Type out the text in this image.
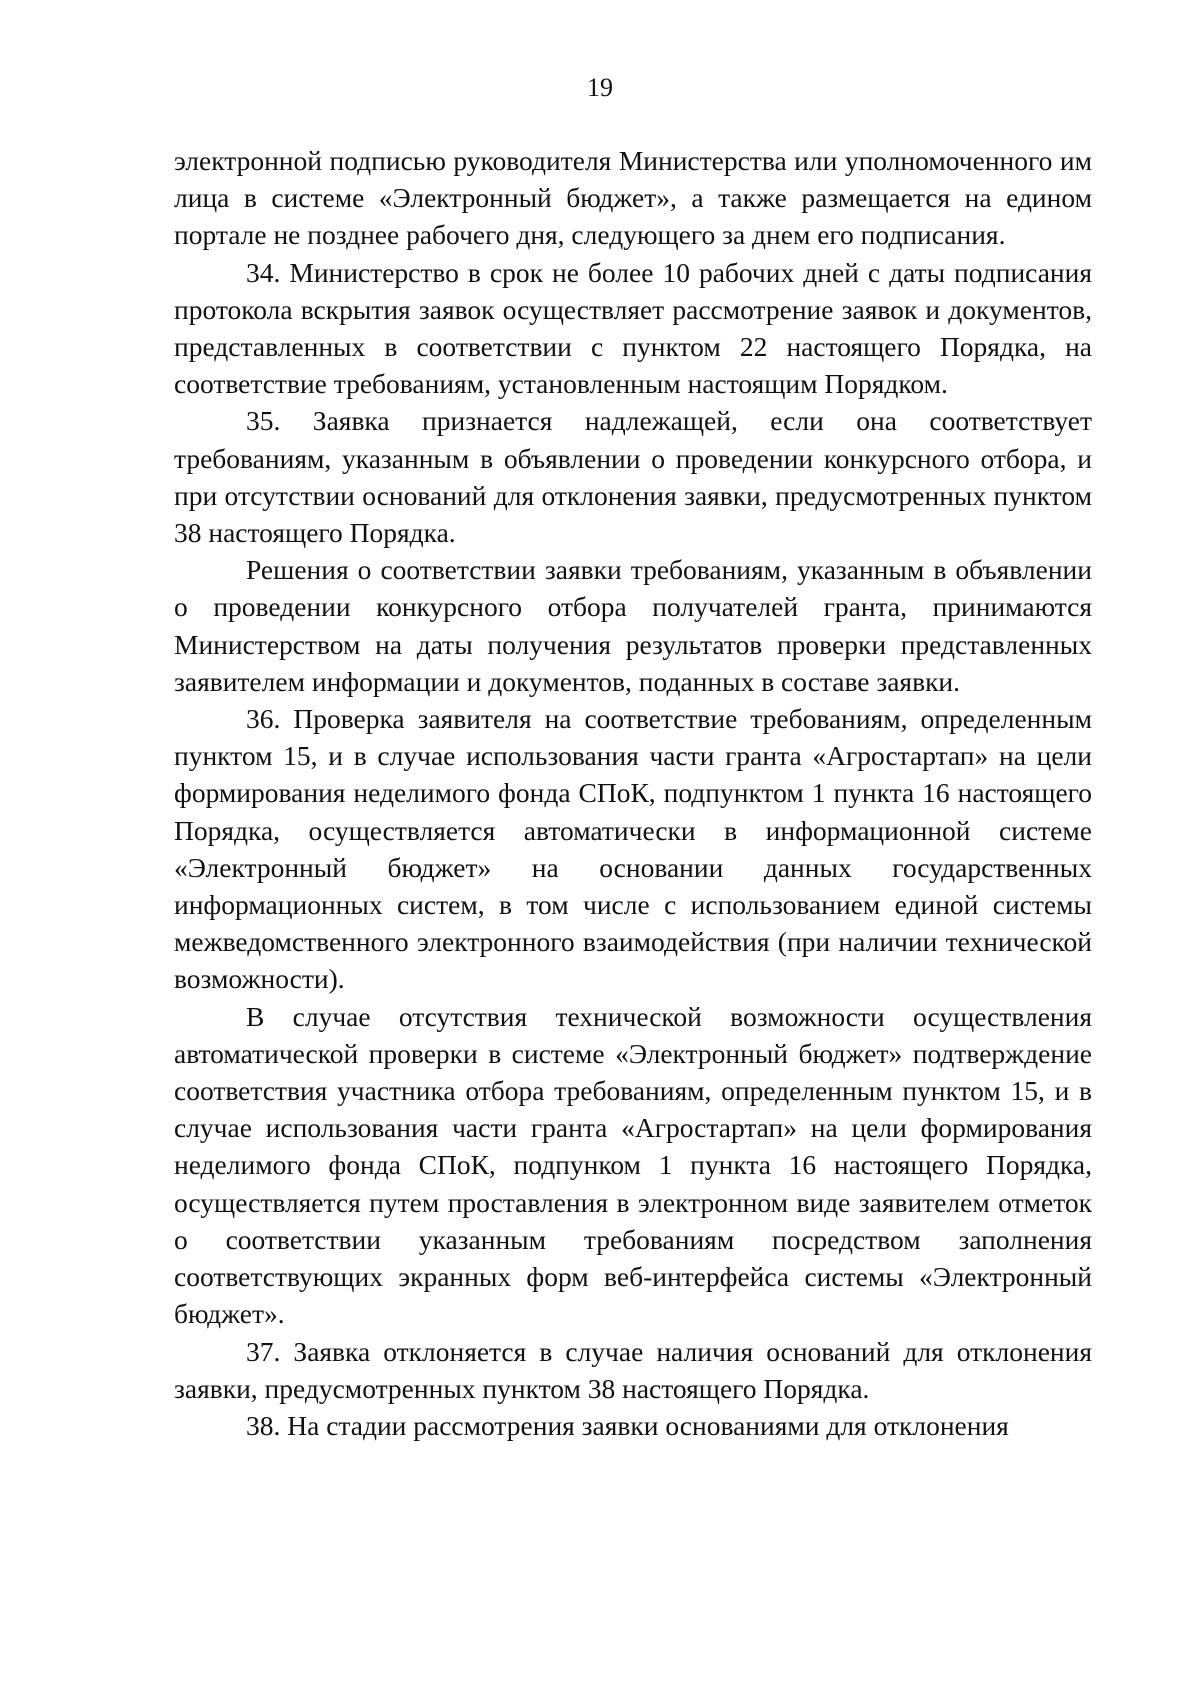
19

электронной подписью руководителя Министерства или уполномоченного им лица в системе «Электронный бюджет», а также размещается на едином портале не позднее рабочего дня, следующего за днем его подписания.

34. Министерство в срок не более 10 рабочих дней с даты подписания протокола вскрытия заявок осуществляет рассмотрение заявок и документов, представленных в соответствии с пунктом 22 настоящего Порядка, на соответствие требованиям, установленным настоящим Порядком.

35. Заявка признается надлежащей, если она соответствует требованиям, указанным в объявлении о проведении конкурсного отбора, и при отсутствии оснований для отклонения заявки, предусмотренных пунктом 38 настоящего Порядка.

Решения о соответствии заявки требованиям, указанным в объявлении о проведении конкурсного отбора получателей гранта, принимаются Министерством на даты получения результатов проверки представленных заявителем информации и документов, поданных в составе заявки.

36. Проверка заявителя на соответствие требованиям, определенным пунктом 15, и в случае использования части гранта «Агростартап» на цели формирования неделимого фонда СПоК, подпунктом 1 пункта 16 настоящего Порядка, осуществляется автоматически в информационной системе «Электронный бюджет» на основании данных государственных информационных систем, в том числе с использованием единой системы межведомственного электронного взаимодействия (при наличии технической возможности).

В случае отсутствия технической возможности осуществления автоматической проверки в системе «Электронный бюджет» подтверждение соответствия участника отбора требованиям, определенным пунктом 15, и в случае использования части гранта «Агростартап» на цели формирования неделимого фонда СПоК, подпунком 1 пункта 16 настоящего Порядка, осуществляется путем проставления в электронном виде заявителем отметок о соответствии указанным требованиям посредством заполнения соответствующих экранных форм веб-интерфейса системы «Электронный бюджет».

37. Заявка отклоняется в случае наличия оснований для отклонения заявки, предусмотренных пунктом 38 настоящего Порядка.

38. На стадии рассмотрения заявки основаниями для отклонения
